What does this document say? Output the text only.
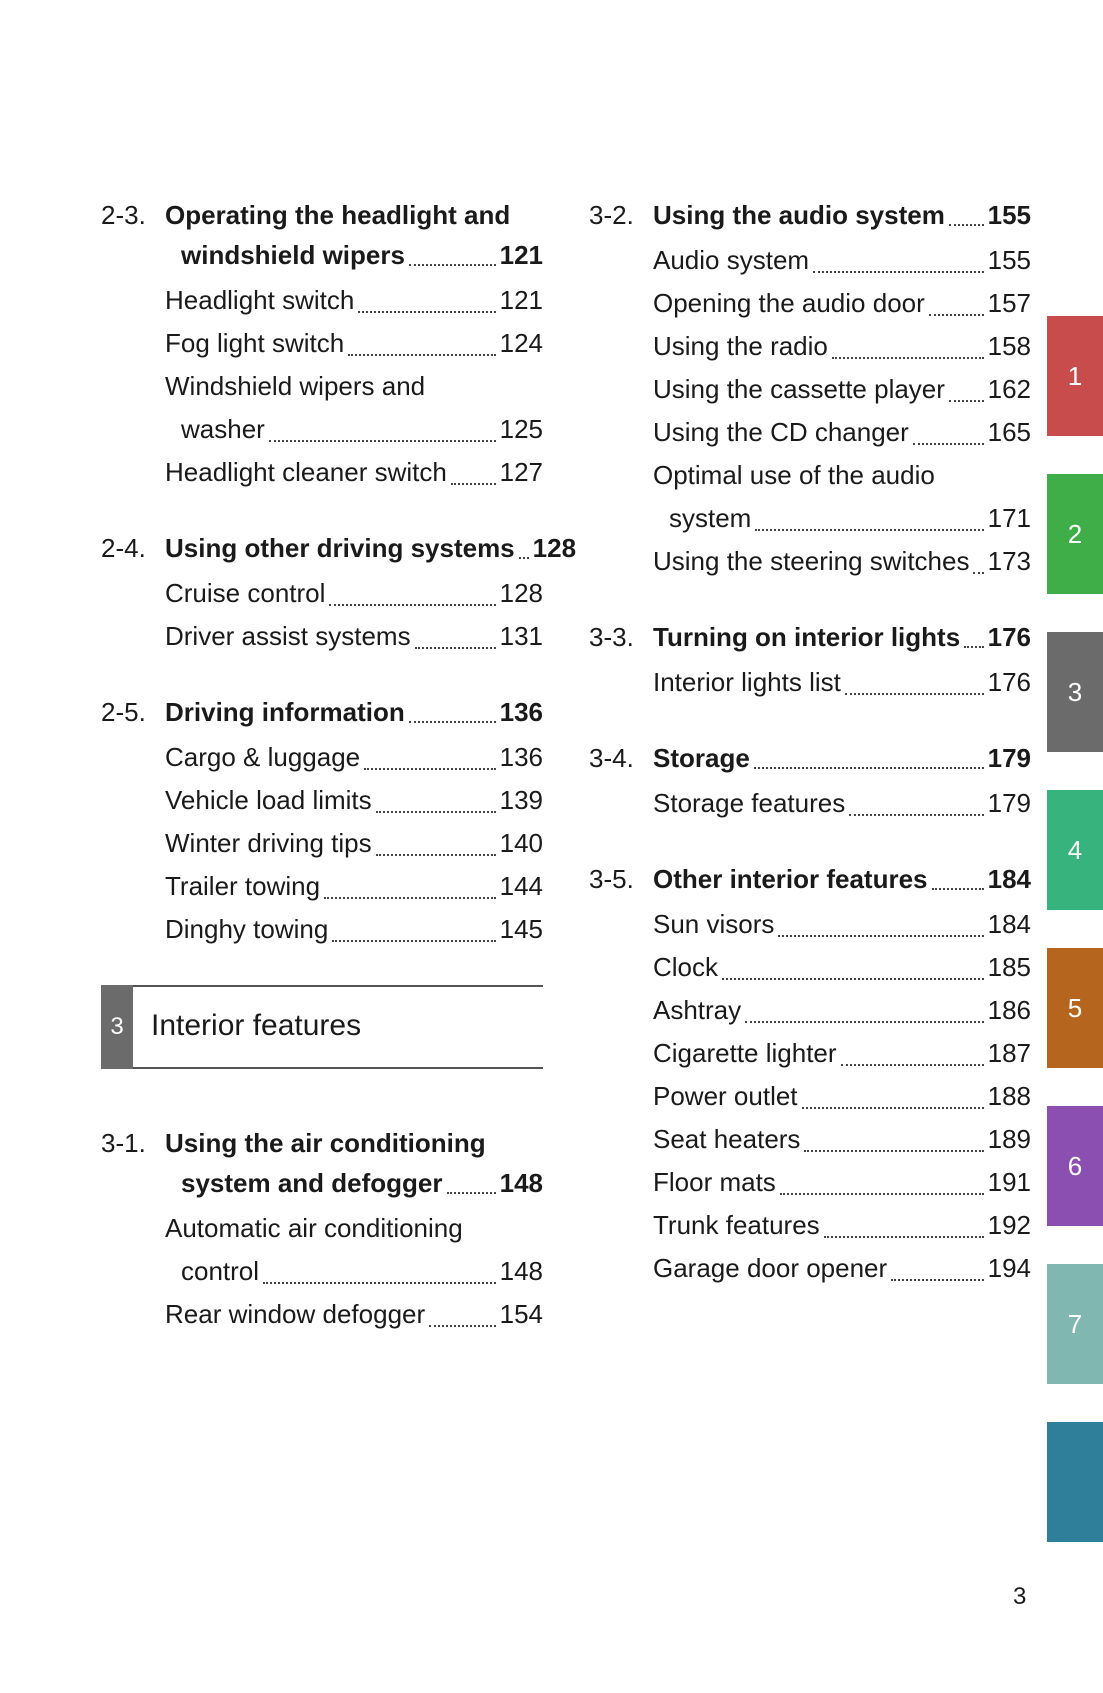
2-3. Operating the headlight and
windshield wipers	121
Headlight switch	121
Fog light switch	124
Windshield wipers and
washer	125
Headlight cleaner switch 127
2-4. Using other driving systems 128
Cruise control	128
Driver assist systems	131
2-5. Driving information	136
Cargo & luggage	136
Vehicle load limits	139
Winter driving tips	140
Trailer towing	144
Dinghy towing	145
3 Interior features
3-1. Using the air conditioning
system and defogger 148
Automatic air conditioning
control	148
Rear window defogger	154
3-2. Using the audio system 155
Audio system	155
Opening the audio door 157
Using the radio	158
Using the cassette player 162
Using the CD changer	165
Optimal use of the audio
system	171
Using the steering switches 173
3-3. Turning on interior lights 176
Interior lights list	176
3-4. Storage	179
Storage features	179
3-5. Other interior features 184
Sun visors	184
Clock	185
Ashtray	186
Cigarette lighter	187
Power outlet	188
Seat heaters	189
Floor mats	191
Trunk features	192
Garage door opener	194
1
2
3
4
5
6
7
3
